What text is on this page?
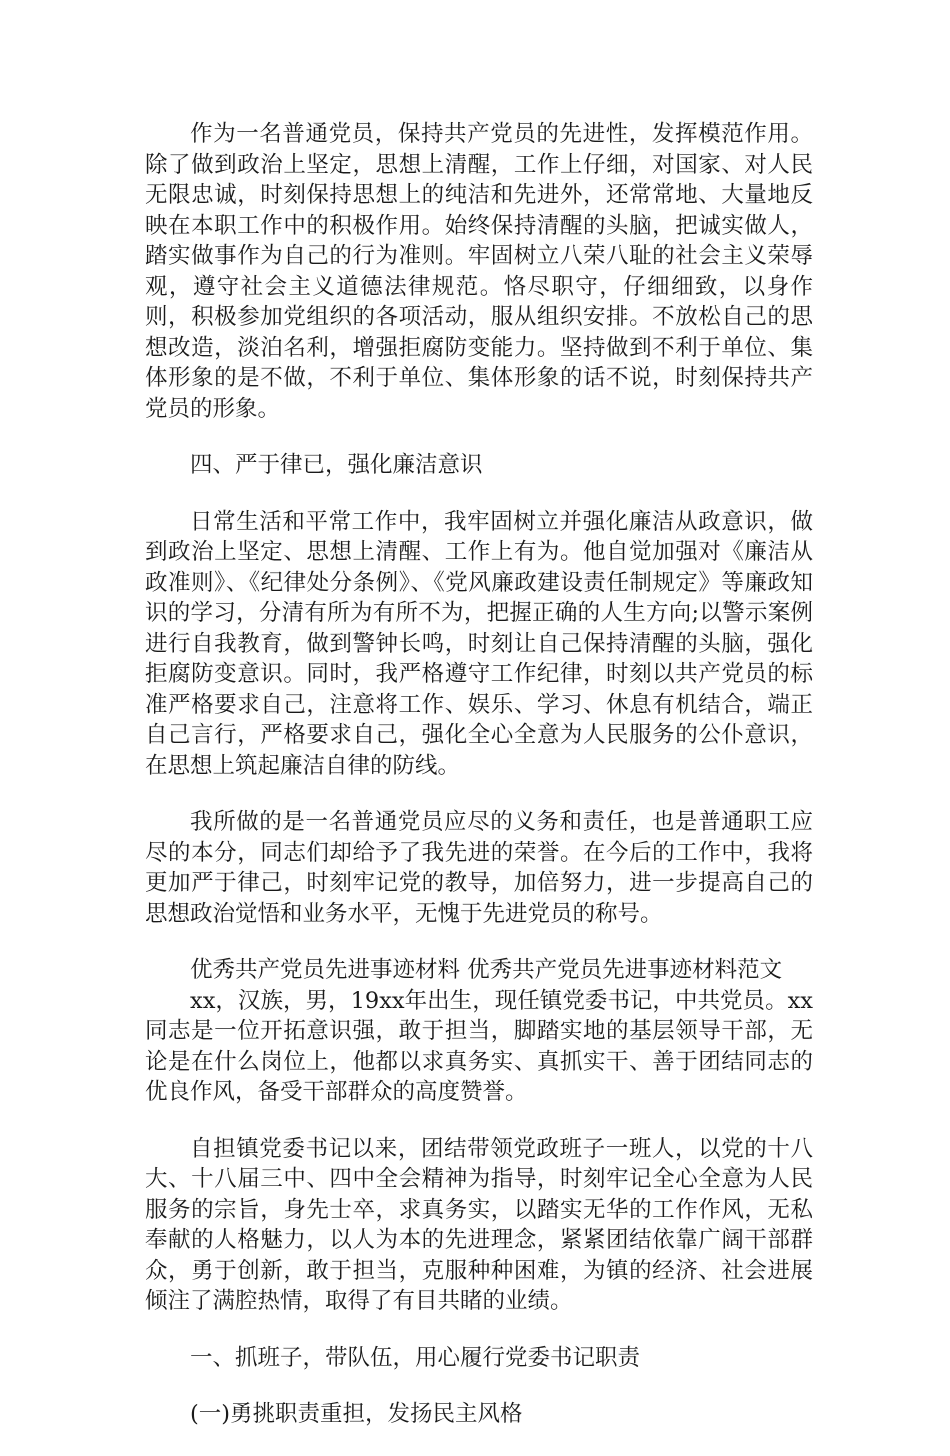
作为一名普通党员，保持共产党员的先进性，发挥模范作用。除了做到政治上坚定，思想上清醒，工作上仔细，对国家、对人民无限忠诚，时刻保持思想上的纯洁和先进外，还常常地、大量地反映在本职工作中的积极作用。始终保持清醒的头脑，把诚实做人，踏实做事作为自己的行为准则。牢固树立八荣八耻的社会主义荣辱观，遵守社会主义道德法律规范。恪尽职守，仔细细致，以身作则，积极参加党组织的各项活动，服从组织安排。不放松自己的思想改造，淡泊名利，增强拒腐防变能力。坚持做到不利于单位、集体形象的是不做，不利于单位、集体形象的话不说，时刻保持共产党员的形象。

四、严于律已，强化廉洁意识

日常生活和平常工作中，我牢固树立并强化廉洁从政意识，做到政治上坚定、思想上清醒、工作上有为。他自觉加强对《廉洁从政准则》、《纪律处分条例》、《党风廉政建设责任制规定》等廉政知识的学习，分清有所为有所不为，把握正确的人生方向;以警示案例进行自我教育，做到警钟长鸣，时刻让自己保持清醒的头脑，强化拒腐防变意识。同时，我严格遵守工作纪律，时刻以共产党员的标准严格要求自己，注意将工作、娱乐、学习、休息有机结合，端正自己言行，严格要求自己，强化全心全意为人民服务的公仆意识，在思想上筑起廉洁自律的防线。

我所做的是一名普通党员应尽的义务和责任，也是普通职工应尽的本分，同志们却给予了我先进的荣誉。在今后的工作中，我将更加严于律己，时刻牢记党的教导，加倍努力，进一步提高自己的思想政治觉悟和业务水平，无愧于先进党员的称号。

优秀共产党员先进事迹材料 优秀共产党员先进事迹材料范文

xx，汉族，男，19xx年出生，现任镇党委书记，中共党员。xx同志是一位开拓意识强，敢于担当，脚踏实地的基层领导干部，无论是在什么岗位上，他都以求真务实、真抓实干、善于团结同志的优良作风，备受干部群众的高度赞誉。

自担镇党委书记以来，团结带领党政班子一班人，以党的十八大、十八届三中、四中全会精神为指导，时刻牢记全心全意为人民服务的宗旨，身先士卒，求真务实，以踏实无华的工作作风，无私奉献的人格魅力，以人为本的先进理念，紧紧团结依靠广阔干部群众，勇于创新，敢于担当，克服种种困难，为镇的经济、社会进展倾注了满腔热情，取得了有目共睹的业绩。

一、抓班子，带队伍，用心履行党委书记职责

(一)勇挑职责重担，发扬民主风格
